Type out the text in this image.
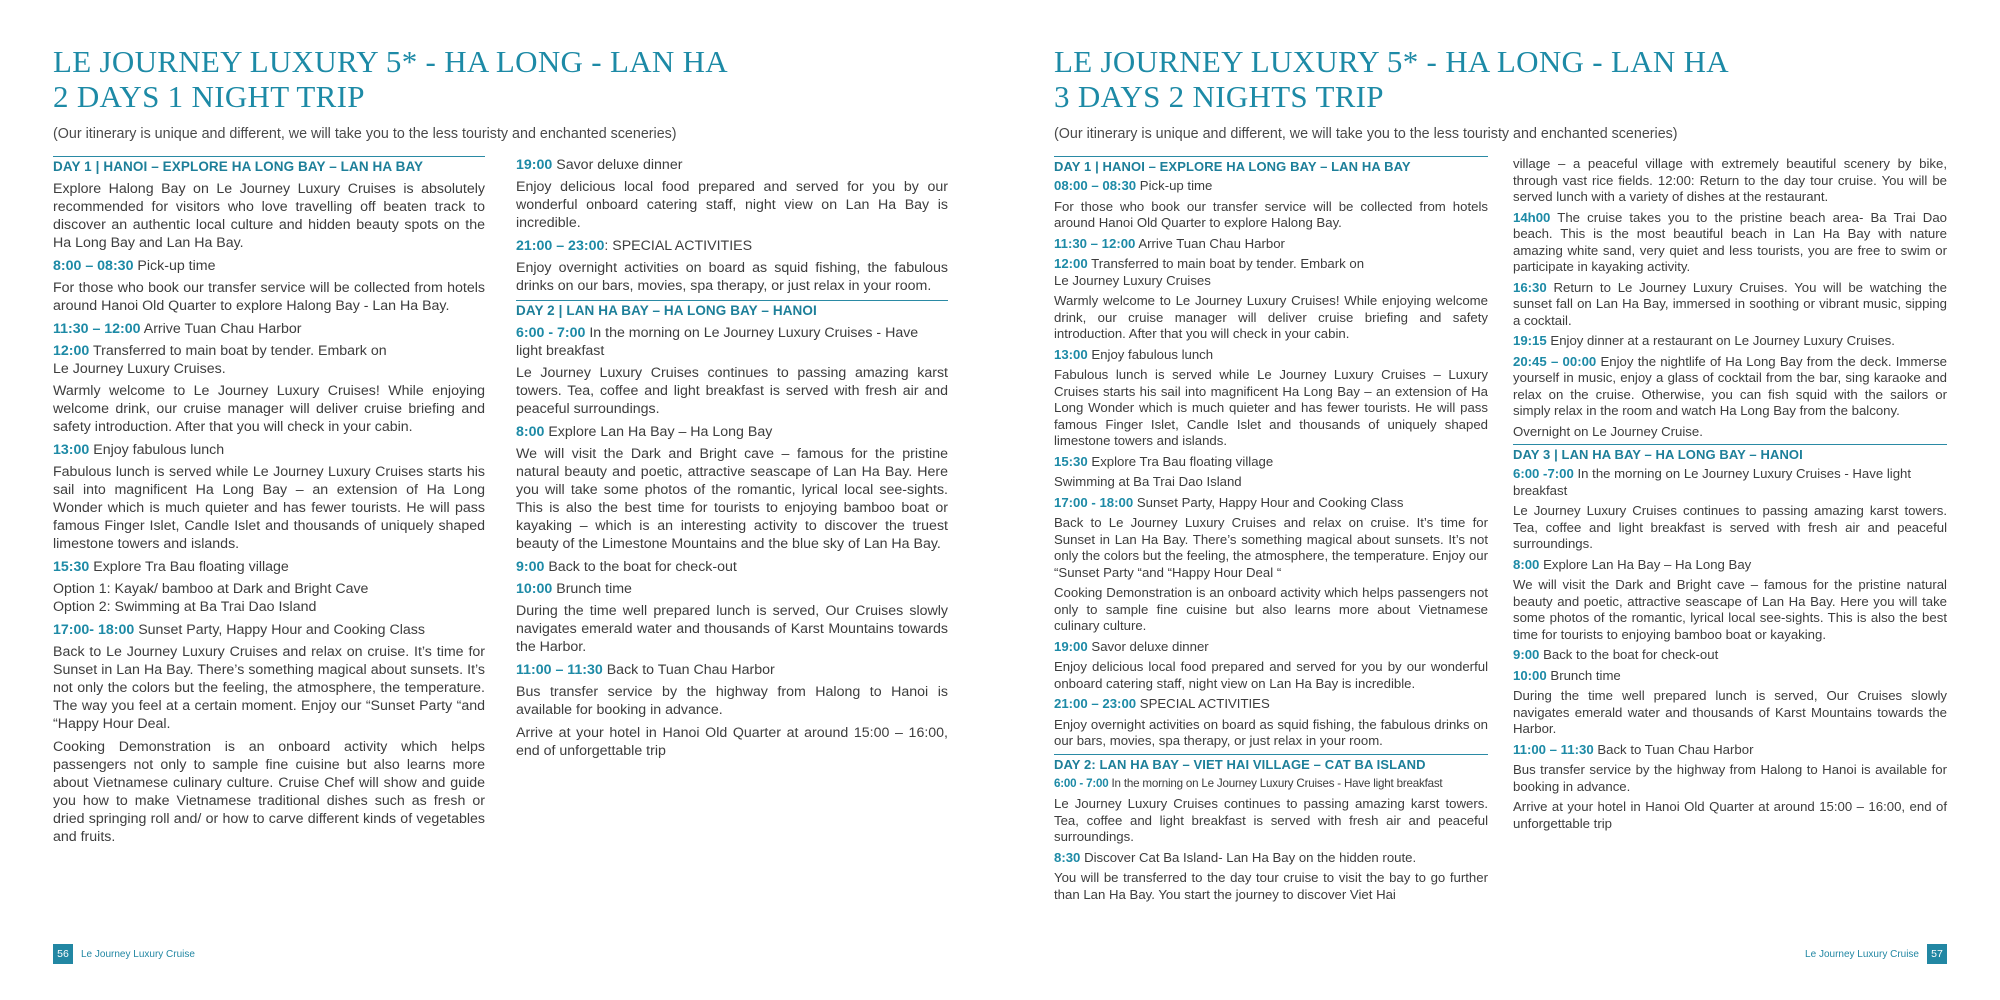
LE JOURNEY LUXURY 5* - HA LONG - LAN HA
2 DAYS 1 NIGHT TRIP

(Our itinerary is unique and different, we will take you to the less touristy and enchanted sceneries)

DAY 1 | HANOI – EXPLORE HA LONG BAY – LAN HA BAY

Explore Halong Bay on Le Journey Luxury Cruises is absolutely recommended for visitors who love travelling off beaten track to discover an authentic local culture and hidden beauty spots on the Ha Long Bay and Lan Ha Bay.

8:00 – 08:30 Pick-up time

For those who book our transfer service will be collected from hotels around Hanoi Old Quarter to explore Halong Bay - Lan Ha Bay.

11:30 – 12:00 Arrive Tuan Chau Harbor
12:00 Transferred to main boat by tender. Embark on
Le Journey Luxury Cruises.

Warmly welcome to Le Journey Luxury Cruises! While enjoying welcome drink, our cruise manager will deliver cruise briefing and safety introduction. After that you will check in your cabin.

13:00 Enjoy fabulous lunch

Fabulous lunch is served while Le Journey Luxury Cruises starts his sail into magnificent Ha Long Bay – an extension of Ha Long Wonder which is much quieter and has fewer tourists. He will pass famous Finger Islet, Candle Islet and thousands of uniquely shaped limestone towers and islands.

15:30 Explore Tra Bau floating village

Option 1: Kayak/ bamboo at Dark and Bright Cave

Option 2: Swimming at Ba Trai Dao Island

17:00- 18:00 Sunset Party, Happy Hour and Cooking Class

Back to Le Journey Luxury Cruises and relax on cruise. It’s time for Sunset in Lan Ha Bay. There’s something magical about sunsets. It’s not only the colors but the feeling, the atmosphere, the temperature. The way you feel at a certain moment. Enjoy our “Sunset Party “and “Happy Hour Deal.

Cooking Demonstration is an onboard activity which helps passengers not only to sample fine cuisine but also learns more about Vietnamese culinary culture. Cruise Chef will show and guide you how to make Vietnamese traditional dishes such as fresh or dried springing roll and/ or how to carve different kinds of vegetables and fruits.

19:00 Savor deluxe dinner

Enjoy delicious local food prepared and served for you by our wonderful onboard catering staff, night view on Lan Ha Bay is incredible.

21:00 – 23:00: SPECIAL ACTIVITIES

Enjoy overnight activities on board as squid fishing, the fabulous drinks on our bars, movies, spa therapy, or just relax in your room.

DAY 2 | LAN HA BAY – HA LONG BAY – HANOI
6:00 - 7:00 In the morning on Le Journey Luxury Cruises - Have light breakfast

Le Journey Luxury Cruises continues to passing amazing karst towers. Tea, coffee and light breakfast is served with fresh air and peaceful surroundings.

8:00 Explore Lan Ha Bay – Ha Long Bay

We will visit the Dark and Bright cave – famous for the pristine natural beauty and poetic, attractive seascape of Lan Ha Bay. Here you will take some photos of the romantic, lyrical local see-sights. This is also the best time for tourists to enjoying bamboo boat or kayaking – which is an interesting activity to discover the truest beauty of the Limestone Mountains and the blue sky of Lan Ha Bay.

9:00 Back to the boat for check-out
10:00 Brunch time

During the time well prepared lunch is served, Our Cruises slowly navigates emerald water and thousands of Karst Mountains towards the Harbor.

11:00 – 11:30 Back to Tuan Chau Harbor

Bus transfer service by the highway from Halong to Hanoi is available for booking in advance.

Arrive at your hotel in Hanoi Old Quarter at around 15:00 – 16:00, end of unforgettable trip

56	Le Journey Luxury Cruise
LE JOURNEY LUXURY 5* - HA LONG - LAN HA
3 DAYS 2 NIGHTS TRIP

(Our itinerary is unique and different, we will take you to the less touristy and enchanted sceneries)

DAY 1 | HANOI – EXPLORE HA LONG BAY – LAN HA BAY
08:00 – 08:30 Pick-up time

For those who book our transfer service will be collected from hotels around Hanoi Old Quarter to explore Halong Bay.

11:30 – 12:00 Arrive Tuan Chau Harbor
12:00 Transferred to main boat by tender. Embark on
Le Journey Luxury Cruises

Warmly welcome to Le Journey Luxury Cruises! While enjoying welcome drink, our cruise manager will deliver cruise briefing and safety introduction. After that you will check in your cabin.

13:00 Enjoy fabulous lunch

Fabulous lunch is served while Le Journey Luxury Cruises – Luxury Cruises starts his sail into magnificent Ha Long Bay – an extension of Ha Long Wonder which is much quieter and has fewer tourists. He will pass famous Finger Islet, Candle Islet and thousands of uniquely shaped limestone towers and islands.

15:30 Explore Tra Bau floating village

Swimming at Ba Trai Dao Island

17:00 - 18:00 Sunset Party, Happy Hour and Cooking Class

Back to Le Journey Luxury Cruises and relax on cruise. It’s time for Sunset in Lan Ha Bay. There’s something magical about sunsets. It’s not only the colors but the feeling, the atmosphere, the temperature. Enjoy our “Sunset Party “and “Happy Hour Deal “

Cooking Demonstration is an onboard activity which helps passengers not only to sample fine cuisine but also learns more about Vietnamese culinary culture.

19:00 Savor deluxe dinner

Enjoy delicious local food prepared and served for you by our wonderful onboard catering staff, night view on Lan Ha Bay is incredible.

21:00 – 23:00 SPECIAL ACTIVITIES

Enjoy overnight activities on board as squid fishing, the fabulous drinks on our bars, movies, spa therapy, or just relax in your room.

DAY 2: LAN HA BAY – VIET HAI VILLAGE – CAT BA ISLAND
6:00 - 7:00 In the morning on Le Journey Luxury Cruises - Have light breakfast

Le Journey Luxury Cruises continues to passing amazing karst towers. Tea, coffee and light breakfast is served with fresh air and peaceful surroundings.

8:30 Discover Cat Ba Island- Lan Ha Bay on the hidden route.

You will be transferred to the day tour cruise to visit the bay to go further than Lan Ha Bay. You start the journey to discover Viet Hai

village – a peaceful village with extremely beautiful scenery by bike, through vast rice fields. 12:00: Return to the day tour cruise. You will be served lunch with a variety of dishes at the restaurant.

14h00 The cruise takes you to the pristine beach area- Ba Trai Dao beach. This is the most beautiful beach in Lan Ha Bay with nature amazing white sand, very quiet and less tourists, you are free to swim or participate in kayaking activity.

16:30 Return to Le Journey Luxury Cruises. You will be watching the sunset fall on Lan Ha Bay, immersed in soothing or vibrant music, sipping a cocktail.

19:15 Enjoy dinner at a restaurant on Le Journey Luxury Cruises.

20:45 – 00:00 Enjoy the nightlife of Ha Long Bay from the deck. Immerse yourself in music, enjoy a glass of cocktail from the bar, sing karaoke and relax on the cruise. Otherwise, you can fish squid with the sailors or simply relax in the room and watch Ha Long Bay from the balcony.

Overnight on Le Journey Cruise.

DAY 3 | LAN HA BAY – HA LONG BAY – HANOI
6:00 -7:00 In the morning on Le Journey Luxury Cruises - Have light breakfast

Le Journey Luxury Cruises continues to passing amazing karst towers. Tea, coffee and light breakfast is served with fresh air and peaceful surroundings.

8:00 Explore Lan Ha Bay – Ha Long Bay

We will visit the Dark and Bright cave – famous for the pristine natural beauty and poetic, attractive seascape of Lan Ha Bay. Here you will take some photos of the romantic, lyrical local see-sights. This is also the best time for tourists to enjoying bamboo boat or kayaking.

9:00 Back to the boat for check-out
10:00 Brunch time

During the time well prepared lunch is served, Our Cruises slowly navigates emerald water and thousands of Karst Mountains towards the Harbor.

11:00 – 11:30 Back to Tuan Chau Harbor

Bus transfer service by the highway from Halong to Hanoi is available for booking in advance.

Arrive at your hotel in Hanoi Old Quarter at around 15:00 – 16:00, end of unforgettable trip

Le Journey Luxury Cruise	57
